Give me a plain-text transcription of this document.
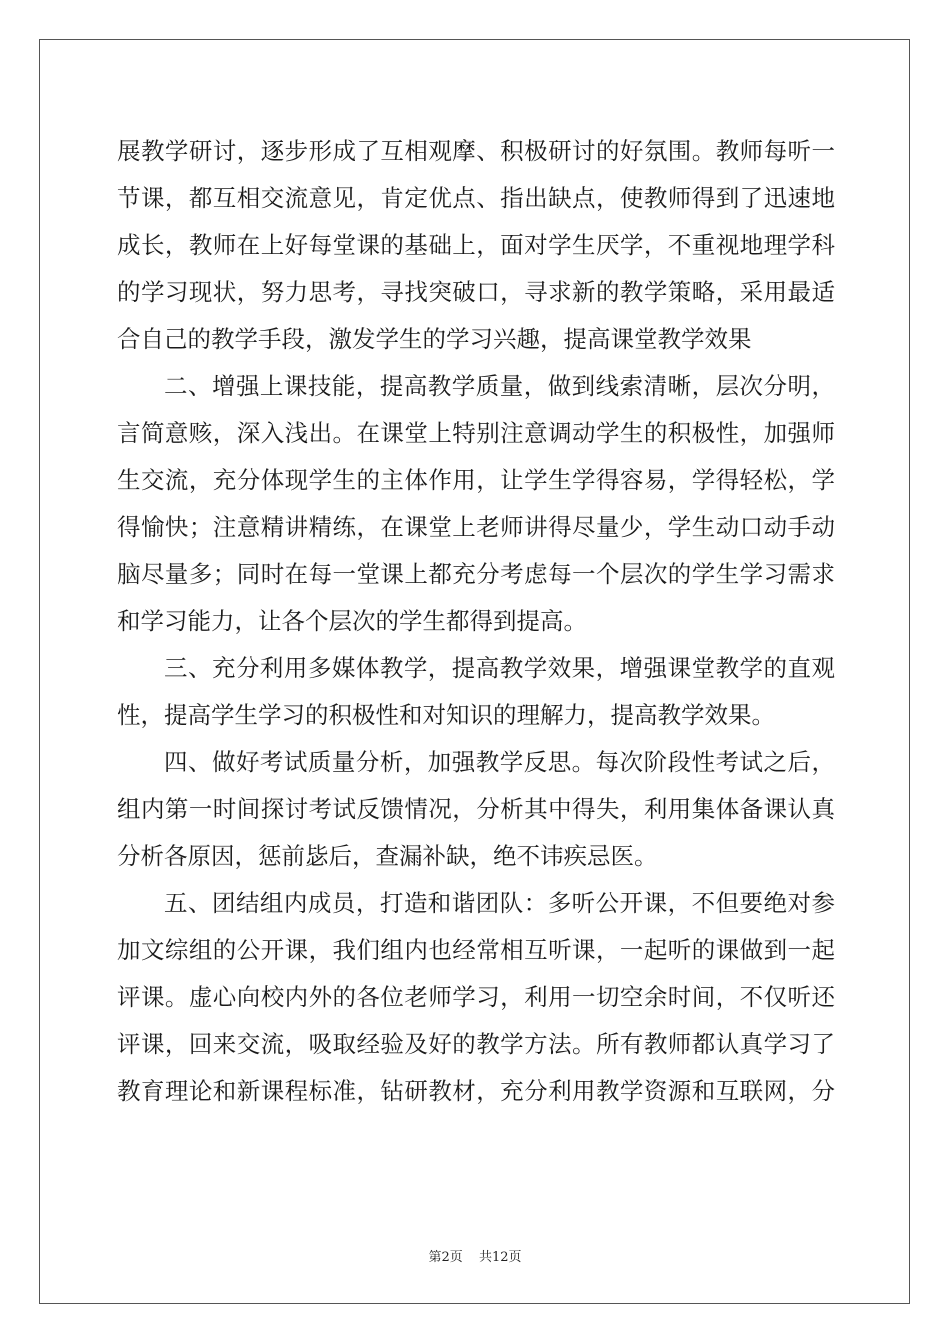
展教学研讨，逐步形成了互相观摩、积极研讨的好氛围。教师每听一
节课，都互相交流意见，肯定优点、指出缺点，使教师得到了迅速地
成长，教师在上好每堂课的基础上，面对学生厌学，不重视地理学科
的学习现状，努力思考，寻找突破口，寻求新的教学策略，采用最适
合自己的教学手段，激发学生的学习兴趣，提高课堂教学效果
二、增强上课技能，提高教学质量，做到线索清晰，层次分明，
言简意赅，深入浅出。在课堂上特别注意调动学生的积极性，加强师
生交流，充分体现学生的主体作用，让学生学得容易，学得轻松，学
得愉快；注意精讲精练，在课堂上老师讲得尽量少，学生动口动手动
脑尽量多；同时在每一堂课上都充分考虑每一个层次的学生学习需求
和学习能力，让各个层次的学生都得到提高。
三、充分利用多媒体教学，提高教学效果，增强课堂教学的直观
性，提高学生学习的积极性和对知识的理解力，提高教学效果。
四、做好考试质量分析，加强教学反思。每次阶段性考试之后，
组内第一时间探讨考试反馈情况，分析其中得失，利用集体备课认真
分析各原因，惩前毖后，查漏补缺，绝不讳疾忌医。
五、团结组内成员，打造和谐团队：多听公开课，不但要绝对参
加文综组的公开课，我们组内也经常相互听课，一起听的课做到一起
评课。虚心向校内外的各位老师学习，利用一切空余时间，不仅听还
评课，回来交流，吸取经验及好的教学方法。所有教师都认真学习了
教育理论和新课程标准，钻研教材，充分利用教学资源和互联网，分
第2页 共12页
